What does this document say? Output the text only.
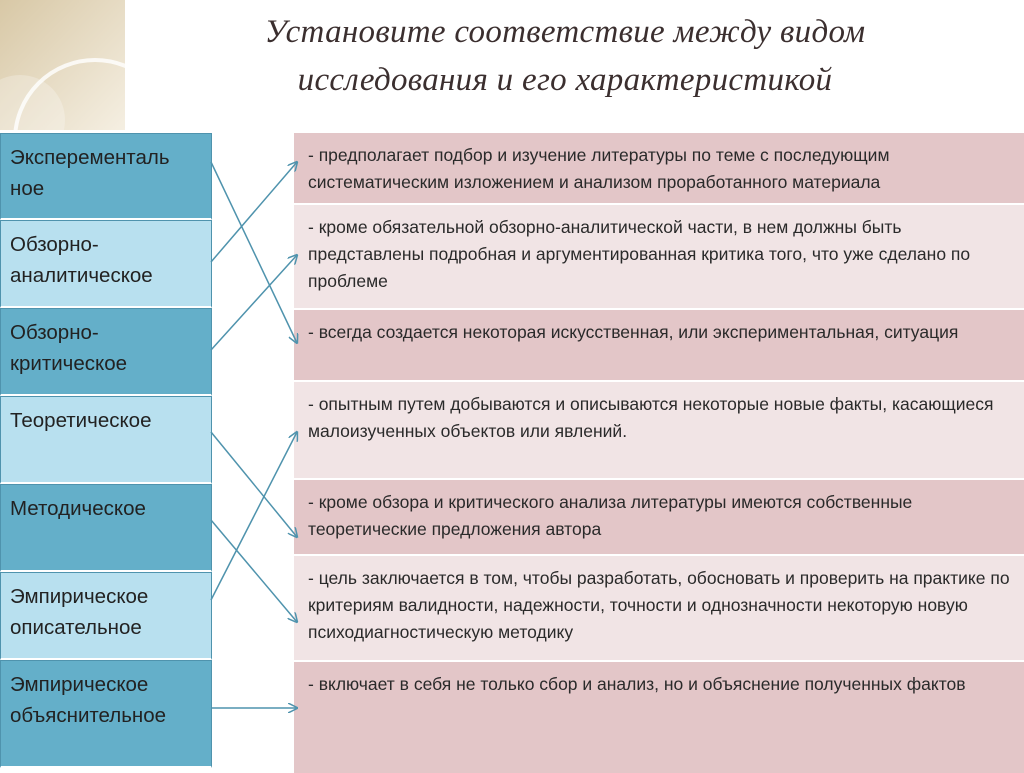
Установите соответствие между видом
исследования и его характеристикой
Эксперементаль ное
Обзорно-аналитическое
Обзорно-критическое
Теоретическое
Методическое
Эмпирическое описательное
Эмпирическое объяснительное
- предполагает подбор и изучение литературы по теме с последующим систематическим изложением и анализом проработанного материала
- кроме обязательной обзорно-аналитической части, в нем должны быть представлены подробная и аргументированная критика того, что уже сделано по проблеме
- всегда создается некоторая искусственная, или экспериментальная, ситуация
- опытным путем добываются и описываются некоторые новые факты, касающиеся малоизученных объектов или явлений.
- кроме обзора и критического анализа литературы имеются собственные теоретические предложения автора
- цель заключается в том, чтобы разработать, обосновать и проверить на практике по критериям валидности, надежности, точности и однозначности некоторую новую психодиагностическую методику
- включает в себя не только сбор и анализ, но и объяснение полученных фактов
